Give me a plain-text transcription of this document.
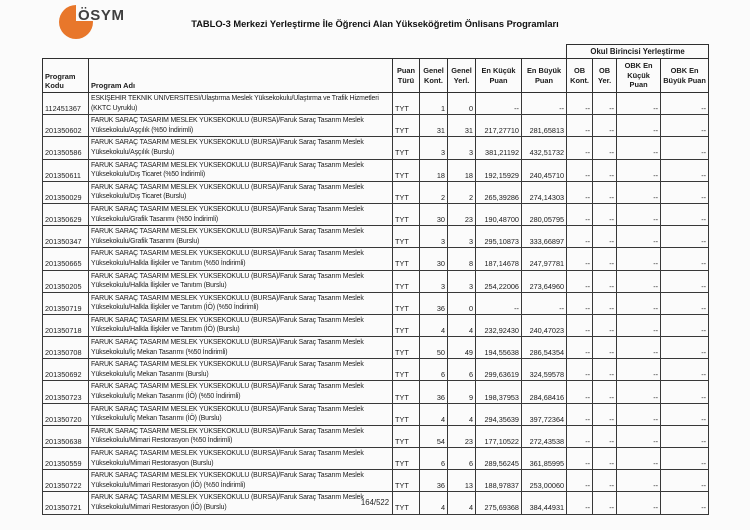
ÖSYM	TABLO-3 Merkezi Yerleştirme İle Öğrenci Alan Yükseköğretim Önlisans Programları
							Okul Birincisi Yerleştirme			
Program Kodu	Program Adı	Puan Türü	Genel Kont.	Genel Yerl.	En Küçük Puan	En Büyük Puan	OB Kont.	OB Yer.	OBK En Küçük Puan	OBK En Büyük Puan
112451367	ESKİŞEHİR TEKNİK ÜNİVERSİTESİ/Ulaştırma Meslek Yüksekokulu/Ulaştırma ve Trafik Hizmetleri (KKTC Uyruklu)	TYT	1	0	--	--	--	--	--	--
201350602	FARUK SARAÇ TASARIM MESLEK YÜKSEKOKULU (BURSA)/Faruk Saraç Tasarım Meslek Yüksekokulu/Aşçılık (%50 İndirimli)	TYT	31	31	217,27710	281,65813	--	--	--	--
201350586	FARUK SARAÇ TASARIM MESLEK YÜKSEKOKULU (BURSA)/Faruk Saraç Tasarım Meslek Yüksekokulu/Aşçılık (Burslu)	TYT	3	3	381,21192	432,51732	--	--	--	--
201350611	FARUK SARAÇ TASARIM MESLEK YÜKSEKOKULU (BURSA)/Faruk Saraç Tasarım Meslek Yüksekokulu/Dış Ticaret (%50 İndirimli)	TYT	18	18	192,15929	240,45710	--	--	--	--
201350029	FARUK SARAÇ TASARIM MESLEK YÜKSEKOKULU (BURSA)/Faruk Saraç Tasarım Meslek Yüksekokulu/Dış Ticaret (Burslu)	TYT	2	2	265,39286	274,14303	--	--	--	--
201350629	FARUK SARAÇ TASARIM MESLEK YÜKSEKOKULU (BURSA)/Faruk Saraç Tasarım Meslek Yüksekokulu/Grafik Tasarımı (%50 İndirimli)	TYT	30	23	190,48700	280,05795	--	--	--	--
201350347	FARUK SARAÇ TASARIM MESLEK YÜKSEKOKULU (BURSA)/Faruk Saraç Tasarım Meslek Yüksekokulu/Grafik Tasarımı (Burslu)	TYT	3	3	295,10873	333,66897	--	--	--	--
201350665	FARUK SARAÇ TASARIM MESLEK YÜKSEKOKULU (BURSA)/Faruk Saraç Tasarım Meslek Yüksekokulu/Halkla İlişkiler ve Tanıtım (%50 İndirimli)	TYT	30	8	187,14678	247,97781	--	--	--	--
201350205	FARUK SARAÇ TASARIM MESLEK YÜKSEKOKULU (BURSA)/Faruk Saraç Tasarım Meslek Yüksekokulu/Halkla İlişkiler ve Tanıtım (Burslu)	TYT	3	3	254,22006	273,64960	--	--	--	--
201350719	FARUK SARAÇ TASARIM MESLEK YÜKSEKOKULU (BURSA)/Faruk Saraç Tasarım Meslek Yüksekokulu/Halkla İlişkiler ve Tanıtım (İÖ) (%50 İndirimli)	TYT	36	0	--	--	--	--	--	--
201350718	FARUK SARAÇ TASARIM MESLEK YÜKSEKOKULU (BURSA)/Faruk Saraç Tasarım Meslek Yüksekokulu/Halkla İlişkiler ve Tanıtım (İÖ) (Burslu)	TYT	4	4	232,92430	240,47023	--	--	--	--
201350708	FARUK SARAÇ TASARIM MESLEK YÜKSEKOKULU (BURSA)/Faruk Saraç Tasarım Meslek Yüksekokulu/İç Mekan Tasarımı (%50 İndirimli)	TYT	50	49	194,55638	286,54354	--	--	--	--
201350692	FARUK SARAÇ TASARIM MESLEK YÜKSEKOKULU (BURSA)/Faruk Saraç Tasarım Meslek Yüksekokulu/İç Mekan Tasarımı (Burslu)	TYT	6	6	299,63619	324,59578	--	--	--	--
201350723	FARUK SARAÇ TASARIM MESLEK YÜKSEKOKULU (BURSA)/Faruk Saraç Tasarım Meslek Yüksekokulu/İç Mekan Tasarımı (İÖ) (%50 İndirimli)	TYT	36	9	198,37953	284,68416	--	--	--	--
201350720	FARUK SARAÇ TASARIM MESLEK YÜKSEKOKULU (BURSA)/Faruk Saraç Tasarım Meslek Yüksekokulu/İç Mekan Tasarımı (İÖ) (Burslu)	TYT	4	4	294,35639	397,72364	--	--	--	--
201350638	FARUK SARAÇ TASARIM MESLEK YÜKSEKOKULU (BURSA)/Faruk Saraç Tasarım Meslek Yüksekokulu/Mimari Restorasyon (%50 İndirimli)	TYT	54	23	177,10522	272,43538	--	--	--	--
201350559	FARUK SARAÇ TASARIM MESLEK YÜKSEKOKULU (BURSA)/Faruk Saraç Tasarım Meslek Yüksekokulu/Mimari Restorasyon (Burslu)	TYT	6	6	289,56245	361,85995	--	--	--	--
201350722	FARUK SARAÇ TASARIM MESLEK YÜKSEKOKULU (BURSA)/Faruk Saraç Tasarım Meslek Yüksekokulu/Mimari Restorasyon (İÖ) (%50 İndirimli)	TYT	36	13	188,97837	253,00060	--	--	--	--
201350721	FARUK SARAÇ TASARIM MESLEK YÜKSEKOKULU (BURSA)/Faruk Saraç Tasarım Meslek Yüksekokulu/Mimari Restorasyon (İÖ) (Burslu)	TYT	4	4	275,69368	384,44931	--	--	--	--
164/522
